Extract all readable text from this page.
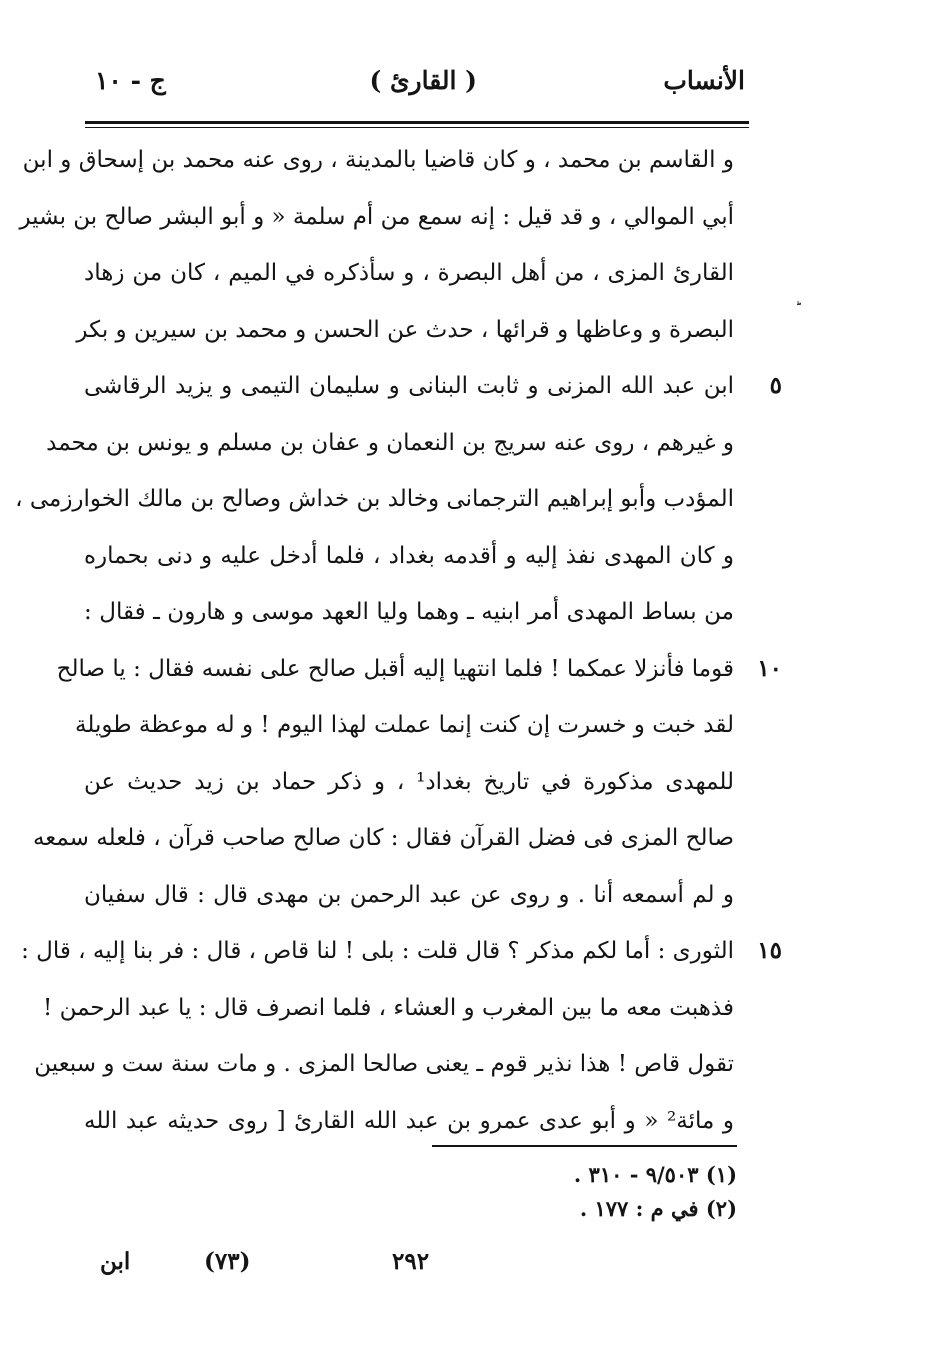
الأنساب
( القارئ )
ج - ١٠
و القاسم بن محمد ، و كان قاضيا بالمدينة ، روى عنه محمد بن إسحاق و ابن
أبي الموالي ، و قد قيل : إنه سمع من أم سلمة « و أبو البشر صالح بن بشير
القارئ المزى ، من أهل البصرة ، و سأذكره في الميم ، كان من زهاد
البصرة و وعاظها و قرائها ، حدث عن الحسن و محمد بن سيرين و بكر
ابن عبد الله المزنى و ثابت البنانى و سليمان التيمى و يزيد الرقاشى ٥
و غيرهم ، روى عنه سريج بن النعمان و عفان بن مسلم و يونس بن محمد
المؤدب وأبو إبراهيم الترجمانى وخالد بن خداش وصالح بن مالك الخوارزمى ،
و كان المهدى نفذ إليه و أقدمه بغداد ، فلما أدخل عليه و دنى بحماره
من بساط المهدى أمر ابنيه ـ وهما وليا العهد موسى و هارون ـ فقال :
قوما فأنزلا عمكما ! فلما انتهيا إليه أقبل صالح على نفسه فقال : يا صالح ١٠
لقد خبت و خسرت إن كنت إنما عملت لهذا اليوم ! و له موعظة طويلة
للمهدى مذكورة في تاريخ بغداد¹ ، و ذكر حماد بن زيد حديث عن
صالح المزى فى فضل القرآن فقال : كان صالح صاحب قرآن ، فلعله سمعه
و لم أسمعه أنا . و روى عن عبد الرحمن بن مهدى قال : قال سفيان
الثورى : أما لكم مذكر ؟ قال قلت : بلى ! لنا قاص ، قال : فر بنا إليه ، قال : ١٥
فذهبت معه ما بين المغرب و العشاء ، فلما انصرف قال : يا عبد الرحمن !
تقول قاص ! هذا نذير قوم ـ يعنى صالحا المزى . و مات سنة ست و سبعين
و مائة² « و أبو عدى عمرو بن عبد الله القارئ [ روى حديثه عبد الله
(١) ٩/٥٠٣ - ٣١٠ .
(٢) في م : ١٧٧ .
٢٩٢
(٧٣)
ابن
